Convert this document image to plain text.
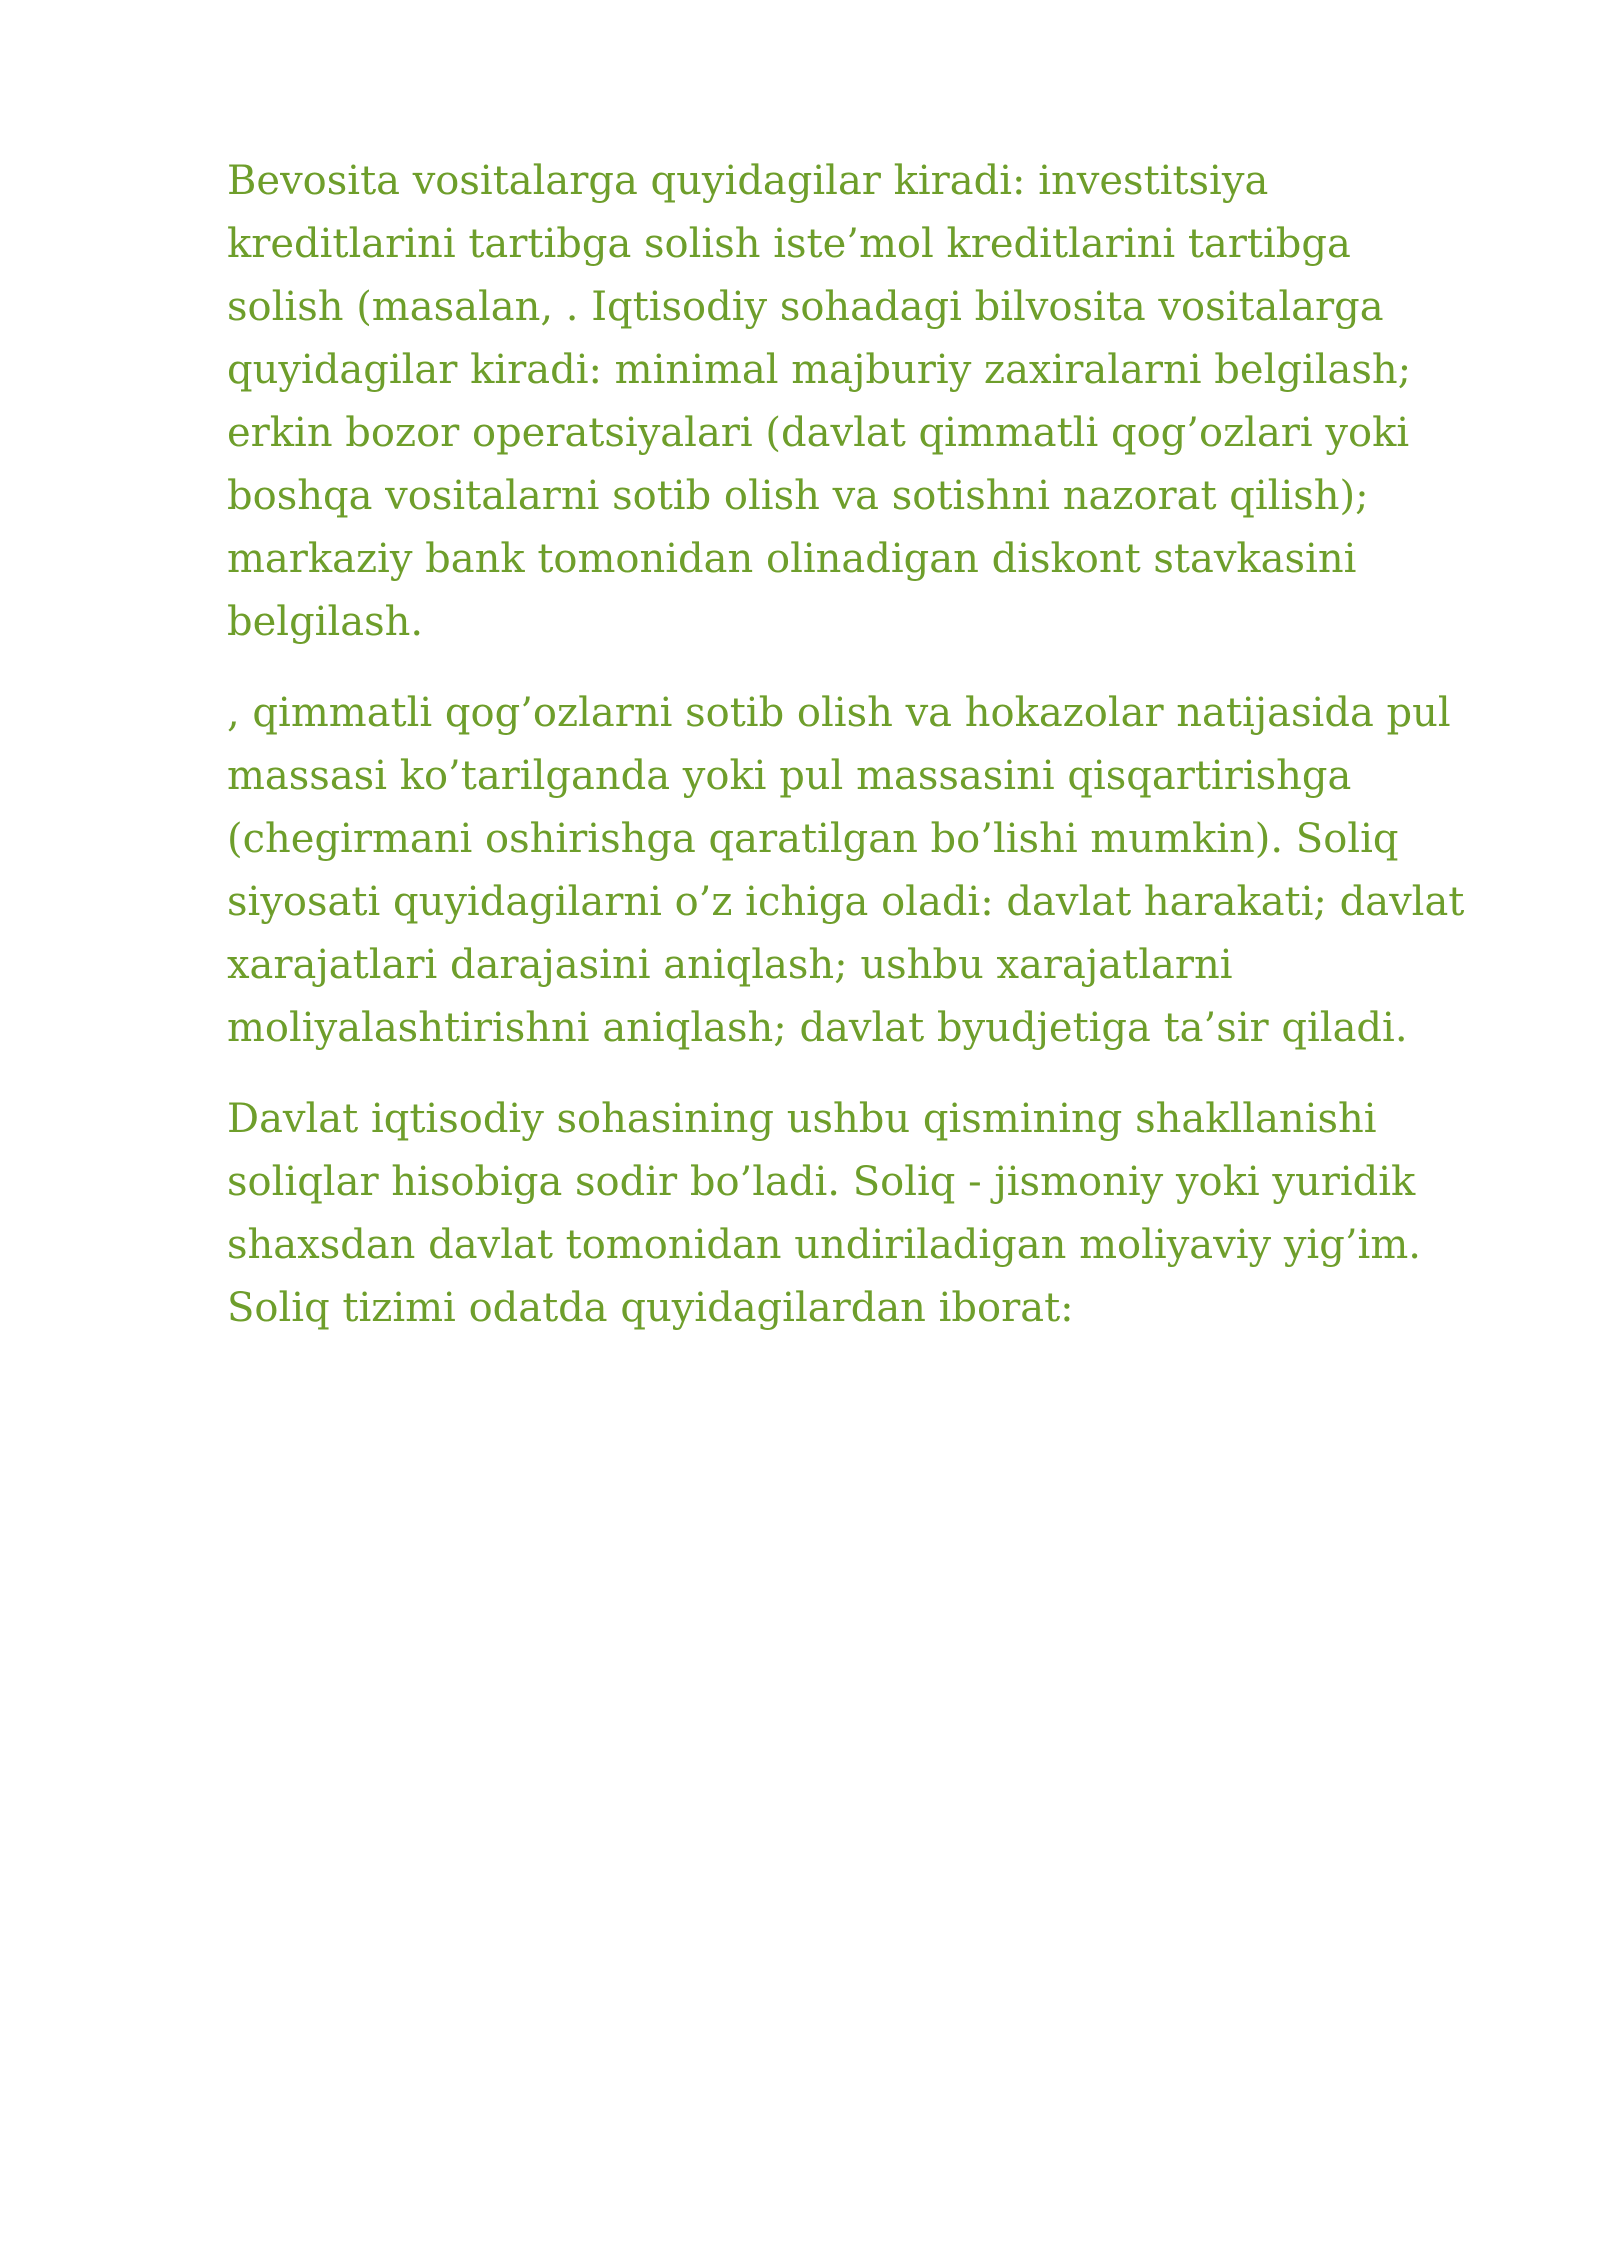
Bevosita vositalarga quyidagilar kiradi: investitsiya
kreditlarini tartibga solish iste’mol kreditlarini tartibga
solish (masalan, . Iqtisodiy sohadagi bilvosita vositalarga
quyidagilar kiradi: minimal majburiy zaxiralarni belgilash;
erkin bozor operatsiyalari (davlat qimmatli qog’ozlari yoki
boshqa vositalarni sotib olish va sotishni nazorat qilish);
markaziy bank tomonidan olinadigan diskont stavkasini
belgilash.

, qimmatli qog’ozlarni sotib olish va hokazolar natijasida pul
massasi ko’tarilganda yoki pul massasini qisqartirishga
(chegirmani oshirishga qaratilgan bo’lishi mumkin). Soliq
siyosati quyidagilarni o’z ichiga oladi: davlat harakati; davlat
xarajatlari darajasini aniqlash; ushbu xarajatlarni
moliyalashtirishni aniqlash; davlat byudjetiga ta’sir qiladi.

Davlat iqtisodiy sohasining ushbu qismining shakllanishi
soliqlar hisobiga sodir bo’ladi. Soliq - jismoniy yoki yuridik
shaxsdan davlat tomonidan undiriladigan moliyaviy yig’im.
Soliq tizimi odatda quyidagilardan iborat:
